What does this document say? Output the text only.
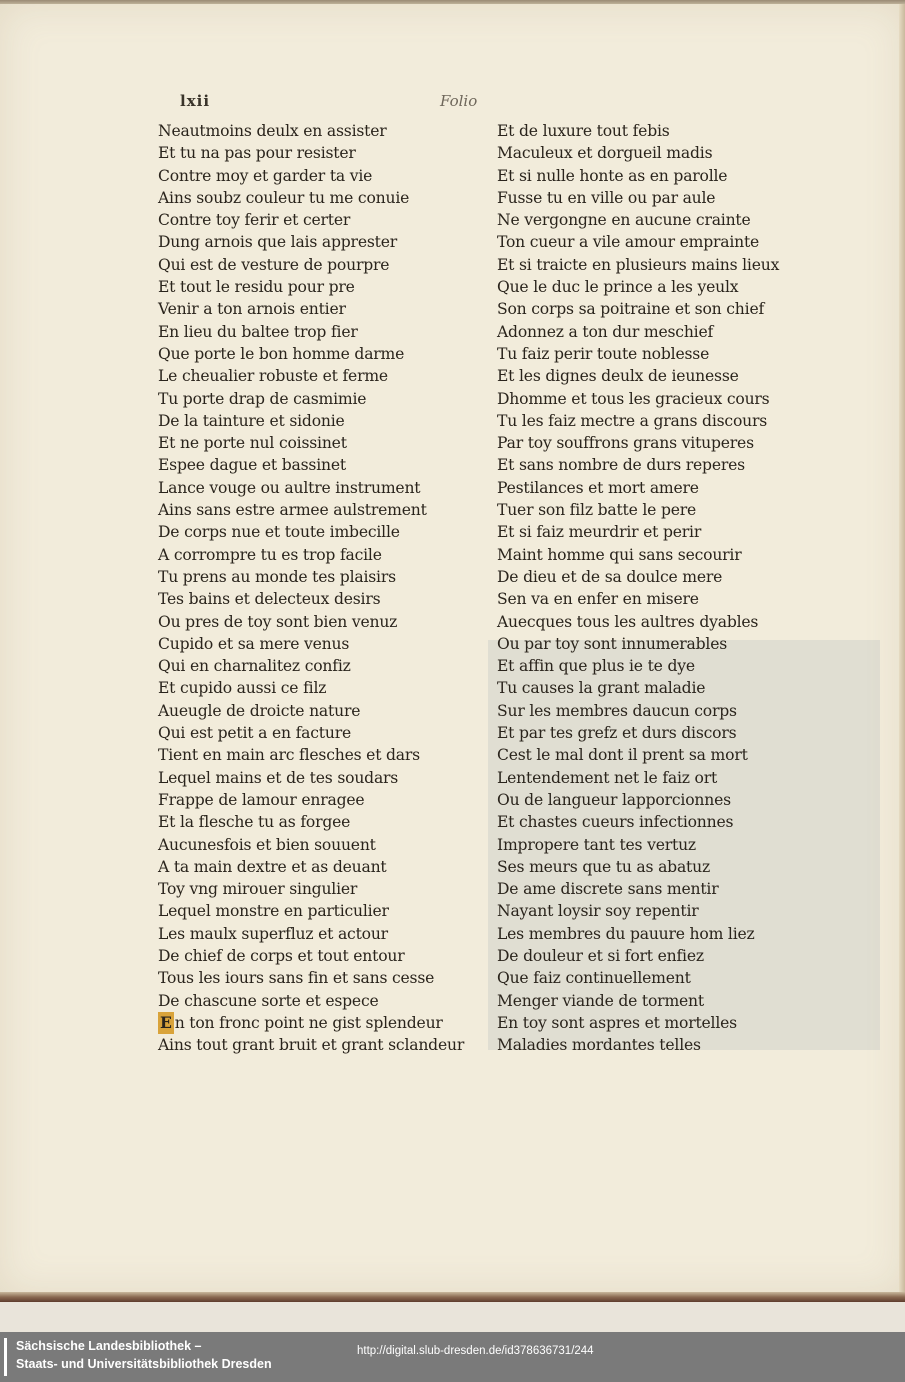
lxii	Folio
Neautmoins deulx en assister
Et tu na pas pour resister
Contre moy et garder ta vie
Ains soubz couleur tu me conuie
Contre toy ferir et certer
Dung arnois que lais apprester
Qui est de vesture de pourpre
Et tout le residu pour pre
Venir a ton arnois entier
En lieu du baltee trop fier
Que porte le bon homme darme
Le cheualier robuste et ferme
Tu porte drap de casmimie
De la tainture et sidonie
Et ne porte nul coissinet
Espee dague et bassinet
Lance vouge ou aultre instrument
Ains sans estre armee aulstrement
De corps nue et toute imbecille
A corrompre tu es trop facile
Tu prens au monde tes plaisirs
Tes bains et delecteux desirs
Ou pres de toy sont bien venuz
Cupido et sa mere venus
Qui en charnalitez confiz
Et cupido aussi ce filz
Aueugle de droicte nature
Qui est petit a en facture
Tient en main arc flesches et dars
Lequel mains et de tes soudars
Frappe de lamour enragee
Et la flesche tu as forgee
Aucunesfois et bien souuent
A ta main dextre et as deuant
Toy vng mirouer singulier
Lequel monstre en particulier
Les maulx superfluz et actour
De chief de corps et tout entour
Tous les iours sans fin et sans cesse
De chascune sorte et espece
E n ton fronc point ne gist splendeur
Ains tout grant bruit et grant sclandeur
Et de luxure tout febis
Maculeux et dorgueil madis
Et si nulle honte as en parolle
Fusse tu en ville ou par aule
Ne vergongne en aucune crainte
Ton cueur a vile amour emprainte
Et si traicte en plusieurs mains lieux
Que le duc le prince a les yeulx
Son corps sa poitraine et son chief
Adonnez a ton dur meschief
Tu faiz perir toute noblesse
Et les dignes deulx de ieunesse
Dhomme et tous les gracieux cours
Tu les faiz mectre a grans discours
Par toy souffrons grans vituperes
Et sans nombre de durs reperes
Pestilances et mort amere
Tuer son filz batte le pere
Et si faiz meurdrir et perir
Maint homme qui sans secourir
De dieu et de sa doulce mere
Sen va en enfer en misere
Auecques tous les aultres dyables
Ou par toy sont innumerables
Et affin que plus ie te dye
Tu causes la grant maladie
Sur les membres daucun corps
Et par tes grefz et durs discors
Cest le mal dont il prent sa mort
Lentendement net le faiz ort
Ou de langueur lapporcionnes
Et chastes cueurs infectionnes
Impropere tant tes vertuz
Ses meurs que tu as abatuz
De ame discrete sans mentir
Nayant loysir soy repentir
Les membres du pauure hom liez
De douleur et si fort enfiez
Que faiz continuellement
Menger viande de torment
En toy sont aspres et mortelles
Maladies mordantes telles
Sächsische Landesbibliothek –
Staats- und Universitätsbibliothek Dresden
http://digital.slub-dresden.de/id378636731/244
